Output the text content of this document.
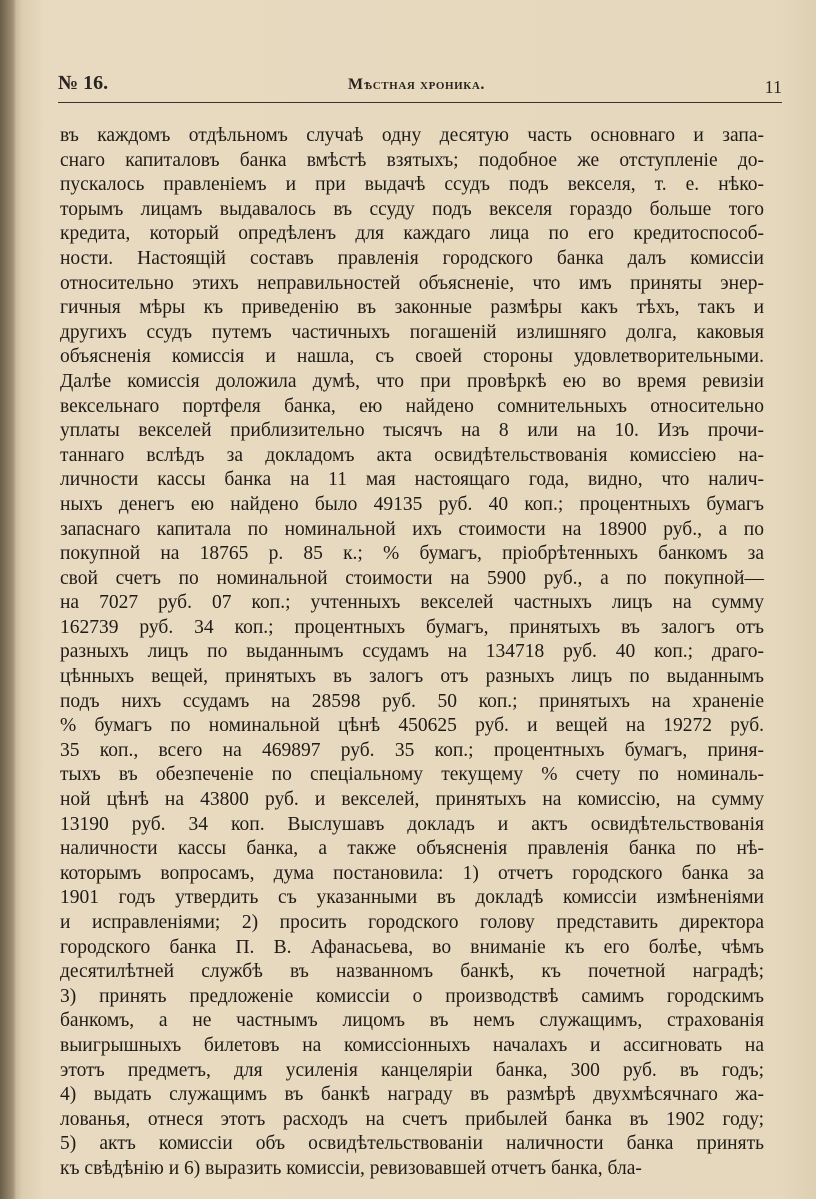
№ 16.	Мѣстная хроника.	11
въ каждомъ отдѣльномъ случаѣ одну десятую часть основнаго и запа-
снаго капиталовъ банка вмѣстѣ взятыхъ; подобное же отступленіе до-
пускалось правленіемъ и при выдачѣ ссудъ подъ векселя, т. е. нѣко-
торымъ лицамъ выдавалось въ ссуду подъ векселя гораздо больше того
кредита, который опредѣленъ для каждаго лица по его кредитоспособ-
ности. Настоящій составъ правленія городского банка далъ комиссіи
относительно этихъ неправильностей объясненіе, что имъ приняты энер-
гичныя мѣры къ приведенію въ законные размѣры какъ тѣхъ, такъ и
другихъ ссудъ путемъ частичныхъ погашеній излишняго долга, каковыя
объясненія комиссія и нашла, съ своей стороны удовлетворительными.
Далѣе комиссія доложила думѣ, что при провѣркѣ ею во время ревизіи
вексельнаго портфеля банка, ею найдено сомнительныхъ относительно
уплаты векселей приблизительно тысячъ на 8 или на 10. Изъ прочи-
таннаго вслѣдъ за докладомъ акта освидѣтельствованія комиссіею на-
личности кассы банка на 11 мая настоящаго года, видно, что налич-
ныхъ денегъ ею найдено было 49135 руб. 40 коп.; процентныхъ бумагъ
запаснаго капитала по номинальной ихъ стоимости на 18900 руб., а по
покупной на 18765 р. 85 к.; % бумагъ, пріобрѣтенныхъ банкомъ за
свой счетъ по номинальной стоимости на 5900 руб., а по покупной—
на 7027 руб. 07 коп.; учтенныхъ векселей частныхъ лицъ на сумму
162739 руб. 34 коп.; процентныхъ бумагъ, принятыхъ въ залогъ отъ
разныхъ лицъ по выданнымъ ссудамъ на 134718 руб. 40 коп.; драго-
цѣнныхъ вещей, принятыхъ въ залогъ отъ разныхъ лицъ по выданнымъ
подъ нихъ ссудамъ на 28598 руб. 50 коп.; принятыхъ на храненіе
% бумагъ по номинальной цѣнѣ 450625 руб. и вещей на 19272 руб.
35 коп., всего на 469897 руб. 35 коп.; процентныхъ бумагъ, приня-
тыхъ въ обезпеченіе по спеціальному текущему % счету по номиналь-
ной цѣнѣ на 43800 руб. и векселей, принятыхъ на комиссію, на сумму
13190 руб. 34 коп. Выслушавъ докладъ и актъ освидѣтельствованія
наличности кассы банка, а также объясненія правленія банка по нѣ-
которымъ вопросамъ, дума постановила: 1) отчетъ городского банка за
1901 годъ утвердить съ указанными въ докладѣ комиссіи измѣненіями
и исправленіями; 2) просить городского голову представить директора
городского банка П. В. Афанасьева, во вниманіе къ его болѣе, чѣмъ
десятилѣтней службѣ въ названномъ банкѣ, къ почетной наградѣ;
3) принять предложеніе комиссіи о производствѣ самимъ городскимъ
банкомъ, а не частнымъ лицомъ въ немъ служащимъ, страхованія
выигрышныхъ билетовъ на комиссіонныхъ началахъ и ассигновать на
этотъ предметъ, для усиленія канцеляріи банка, 300 руб. въ годъ;
4) выдать служащимъ въ банкѣ награду въ размѣрѣ двухмѣсячнаго жа-
лованья, отнеся этотъ расходъ на счетъ прибылей банка въ 1902 году;
5) актъ комиссіи объ освидѣтельствованіи наличности банка принять
къ свѣдѣнію и 6) выразить комиссіи, ревизовавшей отчетъ банка, бла-
